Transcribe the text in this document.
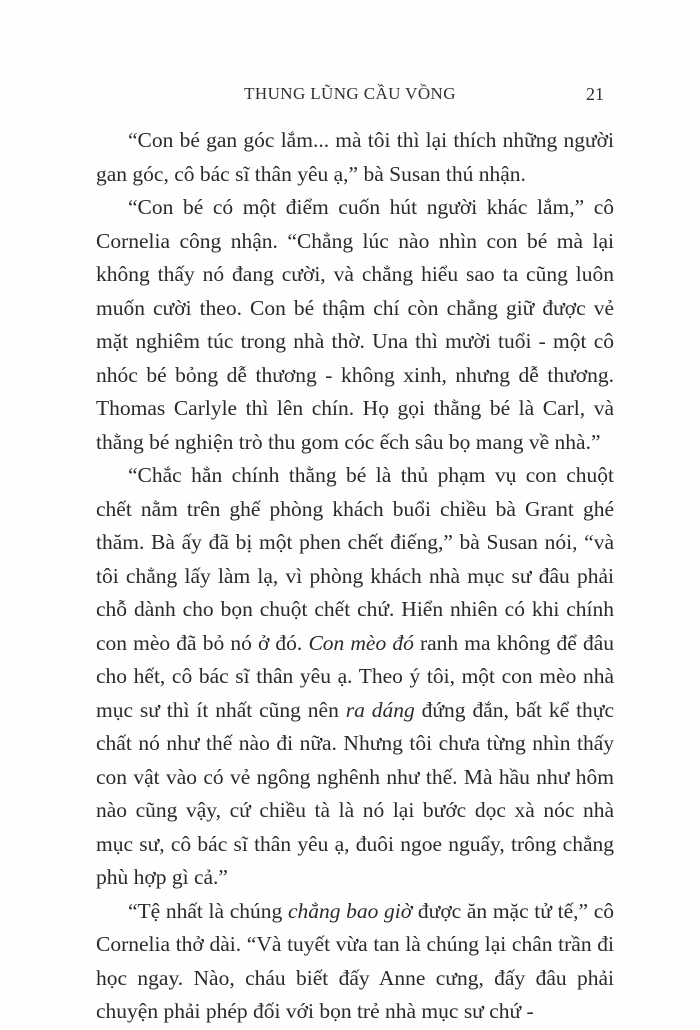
THUNG LŨNG CẦU VỒNG	21

“Con bé gan góc lắm... mà tôi thì lại thích những người gan góc, cô bác sĩ thân yêu ạ,” bà Susan thú nhận.

“Con bé có một điểm cuốn hút người khác lắm,” cô Cornelia công nhận. “Chẳng lúc nào nhìn con bé mà lại không thấy nó đang cười, và chẳng hiểu sao ta cũng luôn muốn cười theo. Con bé thậm chí còn chẳng giữ được vẻ mặt nghiêm túc trong nhà thờ. Una thì mười tuổi - một cô nhóc bé bỏng dễ thương - không xinh, nhưng dễ thương. Thomas Carlyle thì lên chín. Họ gọi thằng bé là Carl, và thằng bé nghiện trò thu gom cóc ếch sâu bọ mang về nhà.”

“Chắc hẳn chính thằng bé là thủ phạm vụ con chuột chết nằm trên ghế phòng khách buổi chiều bà Grant ghé thăm. Bà ấy đã bị một phen chết điếng,” bà Susan nói, “và tôi chẳng lấy làm lạ, vì phòng khách nhà mục sư đâu phải chỗ dành cho bọn chuột chết chứ. Hiển nhiên có khi chính con mèo đã bỏ nó ở đó. Con mèo đó ranh ma không để đâu cho hết, cô bác sĩ thân yêu ạ. Theo ý tôi, một con mèo nhà mục sư thì ít nhất cũng nên ra dáng đứng đắn, bất kể thực chất nó như thế nào đi nữa. Nhưng tôi chưa từng nhìn thấy con vật vào có vẻ ngông nghênh như thế. Mà hầu như hôm nào cũng vậy, cứ chiều tà là nó lại bước dọc xà nóc nhà mục sư, cô bác sĩ thân yêu ạ, đuôi ngoe nguẩy, trông chẳng phù hợp gì cả.”

“Tệ nhất là chúng chẳng bao giờ được ăn mặc tử tế,” cô Cornelia thở dài. “Và tuyết vừa tan là chúng lại chân trần đi học ngay. Nào, cháu biết đấy Anne cưng, đấy đâu phải chuyện phải phép đối với bọn trẻ nhà mục sư chứ -
